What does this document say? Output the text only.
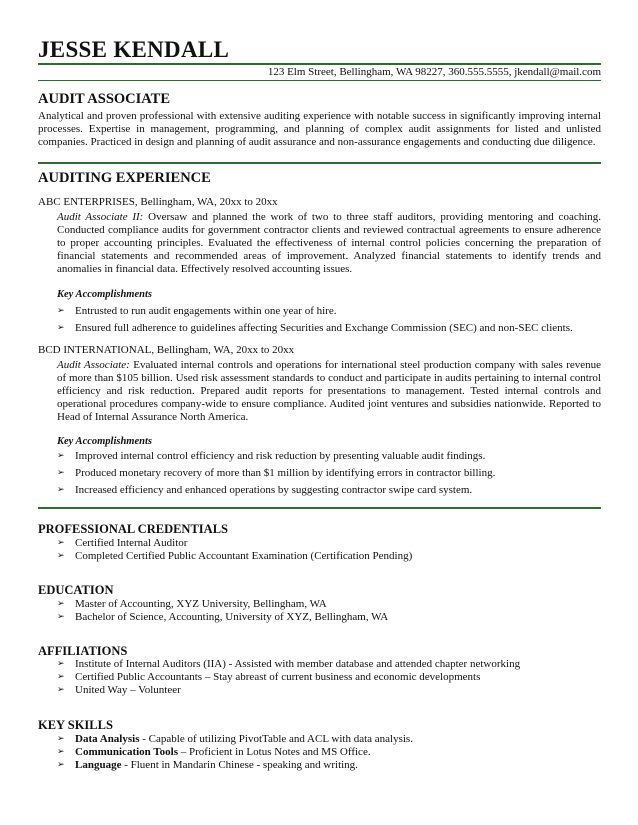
JESSE KENDALL
123 Elm Street, Bellingham, WA 98227, 360.555.5555, jkendall@mail.com
AUDIT ASSOCIATE

Analytical and proven professional with extensive auditing experience with notable success in significantly improving internal processes. Expertise in management, programming, and planning of complex audit assignments for listed and unlisted companies. Practiced in design and planning of audit assurance and non-assurance engagements and conducting due diligence.

AUDITING EXPERIENCE
ABC ENTERPRISES, Bellingham, WA, 20xx to 20xx

Audit Associate II: Oversaw and planned the work of two to three staff auditors, providing mentoring and coaching. Conducted compliance audits for government contractor clients and reviewed contractual agreements to ensure adherence to proper accounting principles. Evaluated the effectiveness of internal control policies concerning the preparation of financial statements and recommended areas of improvement. Analyzed financial statements to identify trends and anomalies in financial data. Effectively resolved accounting issues.

Key Accomplishments
➢ Entrusted to run audit engagements within one year of hire.
➢ Ensured full adherence to guidelines affecting Securities and Exchange Commission (SEC) and non-SEC clients.
BCD INTERNATIONAL, Bellingham, WA, 20xx to 20xx

Audit Associate: Evaluated internal controls and operations for international steel production company with sales revenue of more than $105 billion. Used risk assessment standards to conduct and participate in audits pertaining to internal control efficiency and risk reduction. Prepared audit reports for presentations to management. Tested internal controls and operational procedures company-wide to ensure compliance. Audited joint ventures and subsidies nationwide. Reported to Head of Internal Assurance North America.

Key Accomplishments
➢ Improved internal control efficiency and risk reduction by presenting valuable audit findings.
➢ Produced monetary recovery of more than $1 million by identifying errors in contractor billing.
➢ Increased efficiency and enhanced operations by suggesting contractor swipe card system.
PROFESSIONAL CREDENTIALS
➢ Certified Internal Auditor
➢ Completed Certified Public Accountant Examination (Certification Pending)
EDUCATION
➢ Master of Accounting, XYZ University, Bellingham, WA
➢ Bachelor of Science, Accounting, University of XYZ, Bellingham, WA
AFFILIATIONS
➢ Institute of Internal Auditors (IIA) - Assisted with member database and attended chapter networking
➢ Certified Public Accountants – Stay abreast of current business and economic developments
➢ United Way – Volunteer
KEY SKILLS
➢ Data Analysis - Capable of utilizing PivotTable and ACL with data analysis.
➢ Communication Tools – Proficient in Lotus Notes and MS Office.
➢ Language - Fluent in Mandarin Chinese - speaking and writing.
